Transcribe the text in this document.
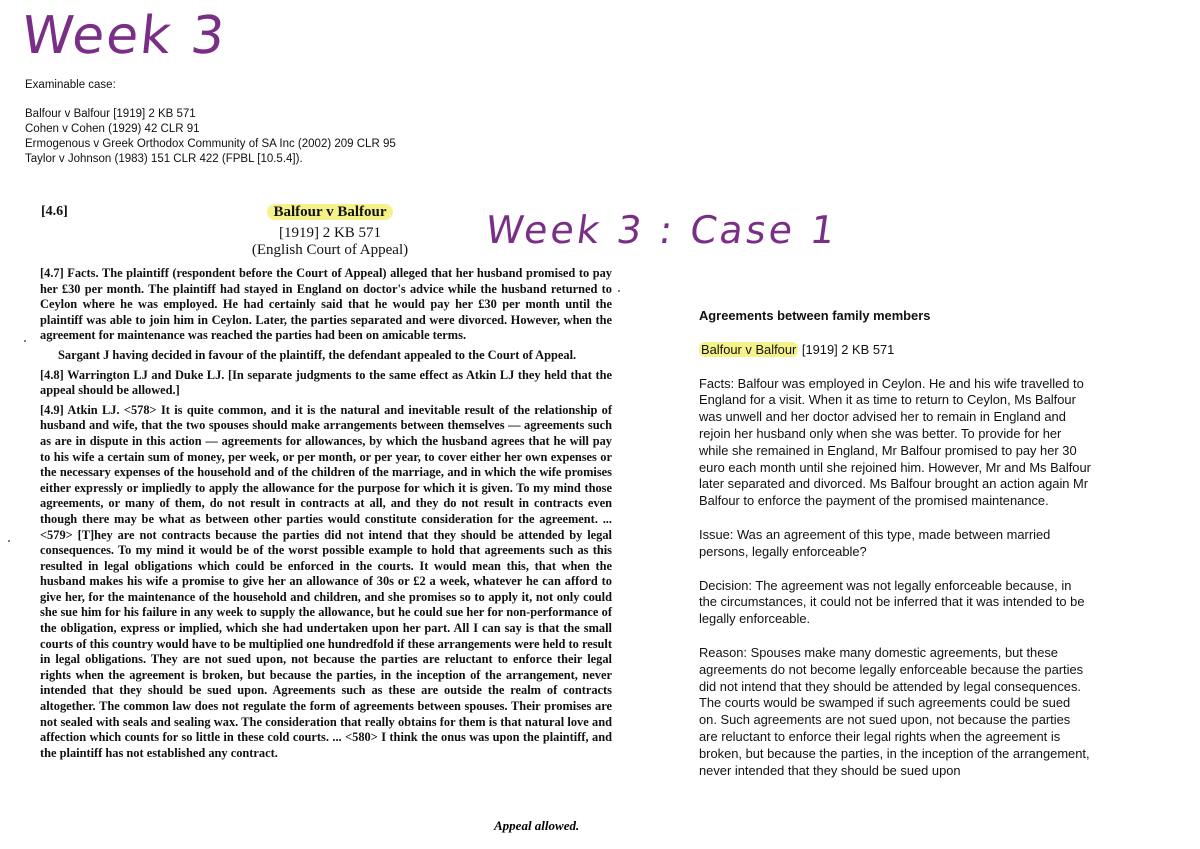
Week 3
Week 3 : Case 1
Examinable case:
Balfour v Balfour [1919] 2 KB 571
Cohen v Cohen (1929) 42 CLR 91
Ermogenous v Greek Orthodox Community of SA Inc (2002) 209 CLR 95
Taylor v Johnson (1983) 151 CLR 422 (FPBL [10.5.4]).
[4.6]	Balfour v Balfour
[1919] 2 KB 571
(English Court of Appeal)

[4.7] Facts. The plaintiff (respondent before the Court of Appeal) alleged that her husband promised to pay her £30 per month. The plaintiff had stayed in England on doctor's advice while the husband returned to Ceylon where he was employed. He had certainly said that he would pay her £30 per month until the plaintiff was able to join him in Ceylon. Later, the parties separated and were divorced. However, when the agreement for maintenance was reached the parties had been on amicable terms.

Sargant J having decided in favour of the plaintiff, the defendant appealed to the Court of Appeal.

[4.8] Warrington LJ and Duke LJ. [In separate judgments to the same effect as Atkin LJ they held that the appeal should be allowed.]

[4.9] Atkin LJ. <578> It is quite common, and it is the natural and inevitable result of the relationship of husband and wife, that the two spouses should make arrangements between themselves — agreements such as are in dispute in this action — agreements for allowances, by which the husband agrees that he will pay to his wife a certain sum of money, per week, or per month, or per year, to cover either her own expenses or the necessary expenses of the household and of the children of the marriage, and in which the wife promises either expressly or impliedly to apply the allowance for the purpose for which it is given. To my mind those agreements, or many of them, do not result in contracts at all, and they do not result in contracts even though there may be what as between other parties would constitute consideration for the agreement. ... <579> [T]hey are not contracts because the parties did not intend that they should be attended by legal consequences. To my mind it would be of the worst possible example to hold that agreements such as this resulted in legal obligations which could be enforced in the courts. It would mean this, that when the husband makes his wife a promise to give her an allowance of 30s or £2 a week, whatever he can afford to give her, for the maintenance of the household and children, and she promises so to apply it, not only could she sue him for his failure in any week to supply the allowance, but he could sue her for non-performance of the obligation, express or implied, which she had undertaken upon her part. All I can say is that the small courts of this country would have to be multiplied one hundredfold if these arrangements were held to result in legal obligations. They are not sued upon, not because the parties are reluctant to enforce their legal rights when the agreement is broken, but because the parties, in the inception of the arrangement, never intended that they should be sued upon. Agreements such as these are outside the realm of contracts altogether. The common law does not regulate the form of agreements between spouses. Their promises are not sealed with seals and sealing wax. The consideration that really obtains for them is that natural love and affection which counts for so little in these cold courts. ... <580> I think the onus was upon the plaintiff, and the plaintiff has not established any contract.

Appeal allowed.

Agreements between family members

Balfour v Balfour [1919] 2 KB 571

Facts: Balfour was employed in Ceylon. He and his wife travelled to England for a visit. When it as time to return to Ceylon, Ms Balfour was unwell and her doctor advised her to remain in England and rejoin her husband only when she was better. To provide for her while she remained in England, Mr Balfour promised to pay her 30 euro each month until she rejoined him. However, Mr and Ms Balfour later separated and divorced. Ms Balfour brought an action again Mr Balfour to enforce the payment of the promised maintenance.

Issue: Was an agreement of this type, made between married persons, legally enforceable?

Decision: The agreement was not legally enforceable because, in the circumstances, it could not be inferred that it was intended to be legally enforceable.

Reason: Spouses make many domestic agreements, but these agreements do not become legally enforceable because the parties did not intend that they should be attended by legal consequences. The courts would be swamped if such agreements could be sued on. Such agreements are not sued upon, not because the parties are reluctant to enforce their legal rights when the agreement is broken, but because the parties, in the inception of the arrangement, never intended that they should be sued upon
